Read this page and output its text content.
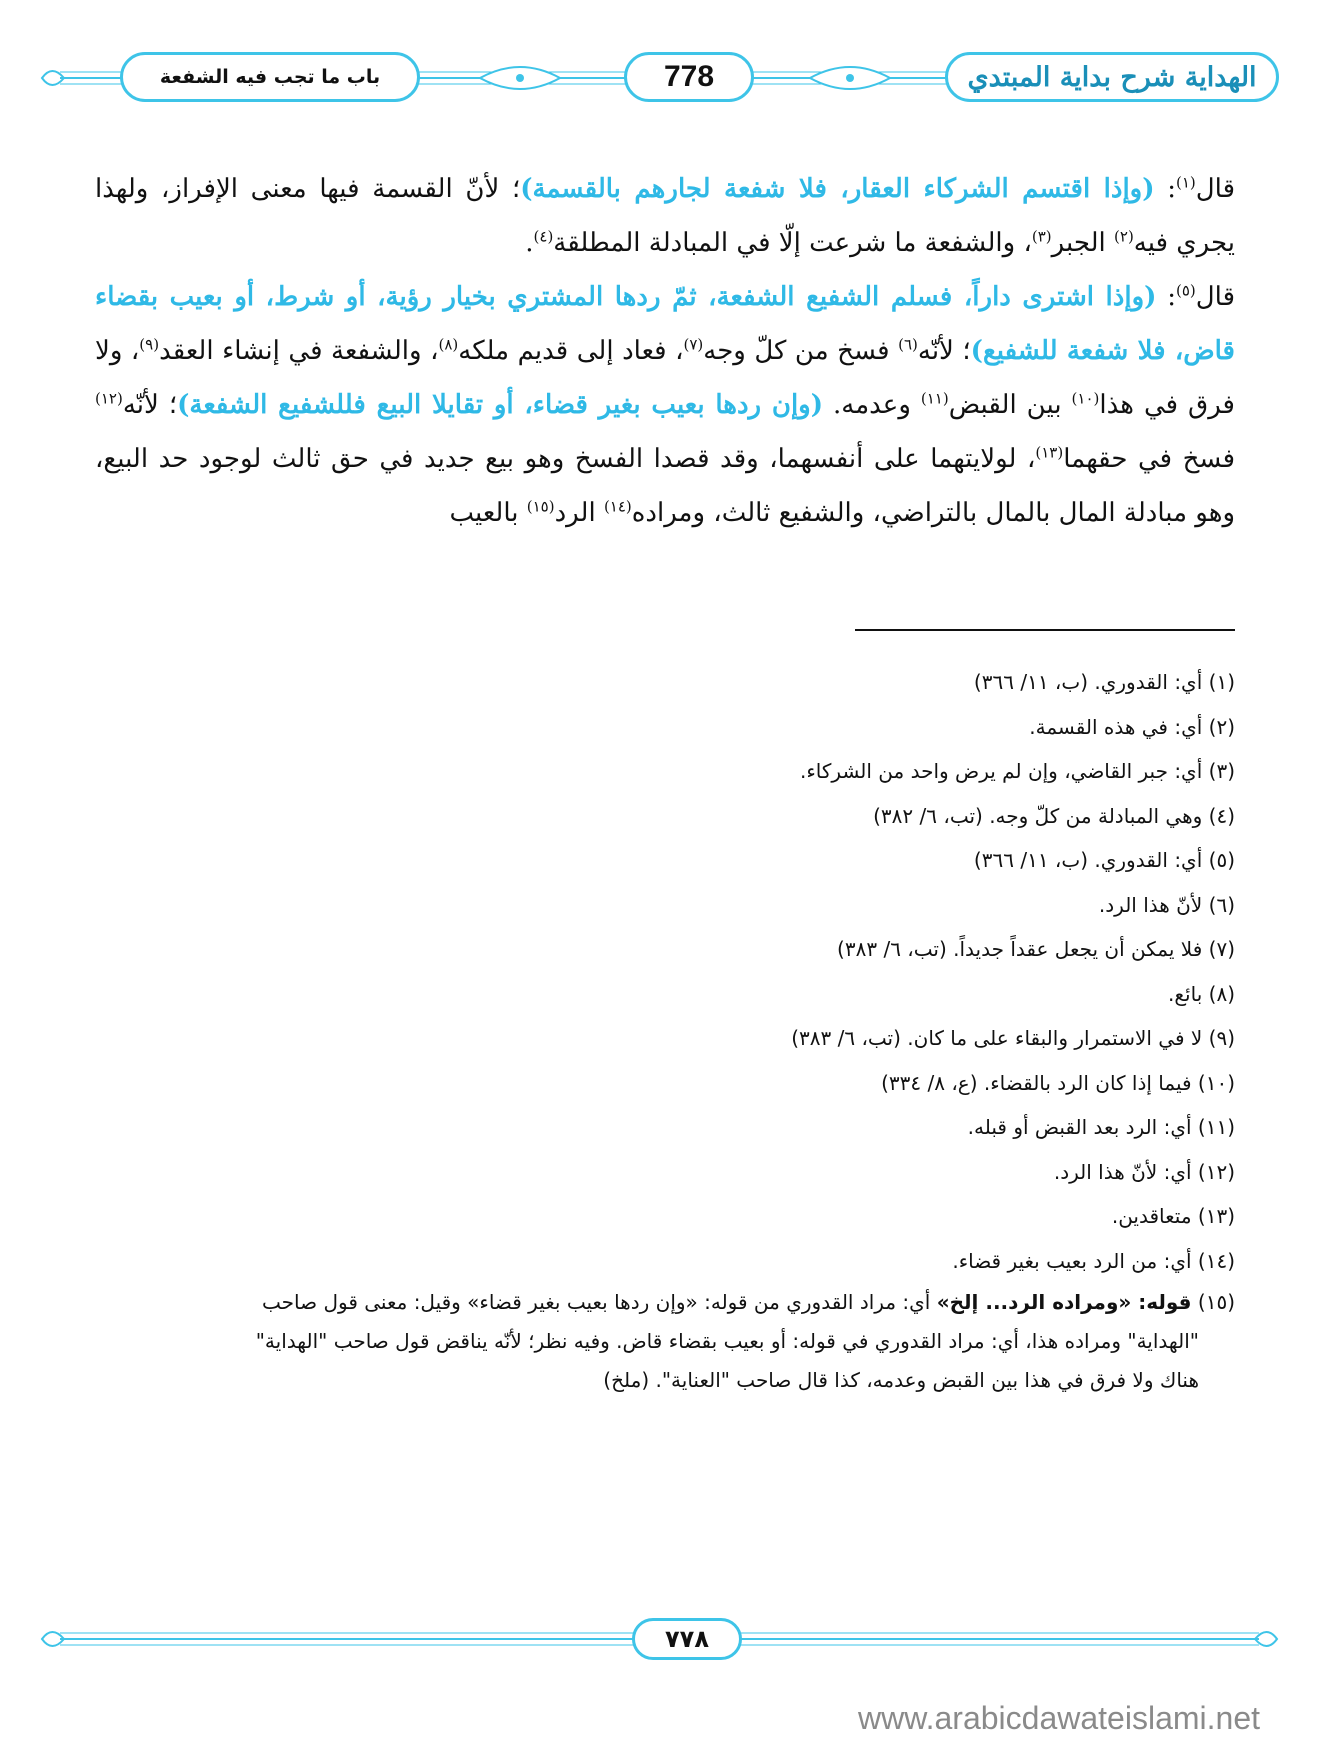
الهداية شرح بداية المبتدي
778
باب ما تجب فيه الشفعة

قال$^{(١)}$: (وإذا اقتسم الشركاء العقار، فلا شفعة لجارهم بالقسمة)؛ لأنّ القسمة فيها معنى الإفراز، ولهذا يجري فيه$^{(٢)}$ الجبر$^{(٣)}$، والشفعة ما شرعت إلّا في المبادلة المطلقة$^{(٤)}$.

قال$^{(٥)}$: (وإذا اشترى داراً، فسلم الشفيع الشفعة، ثمّ ردها المشتري بخيار رؤية، أو شرط، أو بعيب بقضاء قاض، فلا شفعة للشفيع)؛ لأنّه$^{(٦)}$ فسخ من كلّ وجه$^{(٧)}$، فعاد إلى قديم ملكه$^{(٨)}$، والشفعة في إنشاء العقد$^{(٩)}$، ولا فرق في هذا$^{(١٠)}$ بين القبض$^{(١١)}$ وعدمه. (وإن ردها بعيب بغير قضاء، أو تقايلا البيع فللشفيع الشفعة)؛ لأنّه$^{(١٢)}$ فسخ في حقهما$^{(١٣)}$، لولايتهما على أنفسهما، وقد قصدا الفسخ وهو بيع جديد في حق ثالث لوجود حد البيع، وهو مبادلة المال بالمال بالتراضي، والشفيع ثالث، ومراده$^{(١٤)}$ الرد$^{(١٥)}$ بالعيب

(١) أي: القدوري. (ب، ١١/ ٣٦٦)
(٢) أي: في هذه القسمة.
(٣) أي: جبر القاضي، وإن لم يرض واحد من الشركاء.
(٤) وهي المبادلة من كلّ وجه. (تب، ٦/ ٣٨٢)
(٥) أي: القدوري. (ب، ١١/ ٣٦٦)
(٦) لأنّ هذا الرد.
(٧) فلا يمكن أن يجعل عقداً جديداً. (تب، ٦/ ٣٨٣)
(٨) بائع.
(٩) لا في الاستمرار والبقاء على ما كان. (تب، ٦/ ٣٨٣)
(١٠) فيما إذا كان الرد بالقضاء. (ع، ٨/ ٣٣٤)
(١١) أي: الرد بعد القبض أو قبله.
(١٢) أي: لأنّ هذا الرد.
(١٣) متعاقدين.
(١٤) أي: من الرد بعيب بغير قضاء.
(١٥) قوله: «ومراده الرد... إلخ» أي: مراد القدوري من قوله: «وإن ردها بعيب بغير قضاء» وقيل: معنى قول صاحب
"الهداية" ومراده هذا، أي: مراد القدوري في قوله: أو بعيب بقضاء قاض. وفيه نظر؛ لأنّه يناقض قول صاحب "الهداية"
هناك ولا فرق في هذا بين القبض وعدمه، كذا قال صاحب "العناية". (ملخ)
٧٧٨
www.arabicdawateislami.net
